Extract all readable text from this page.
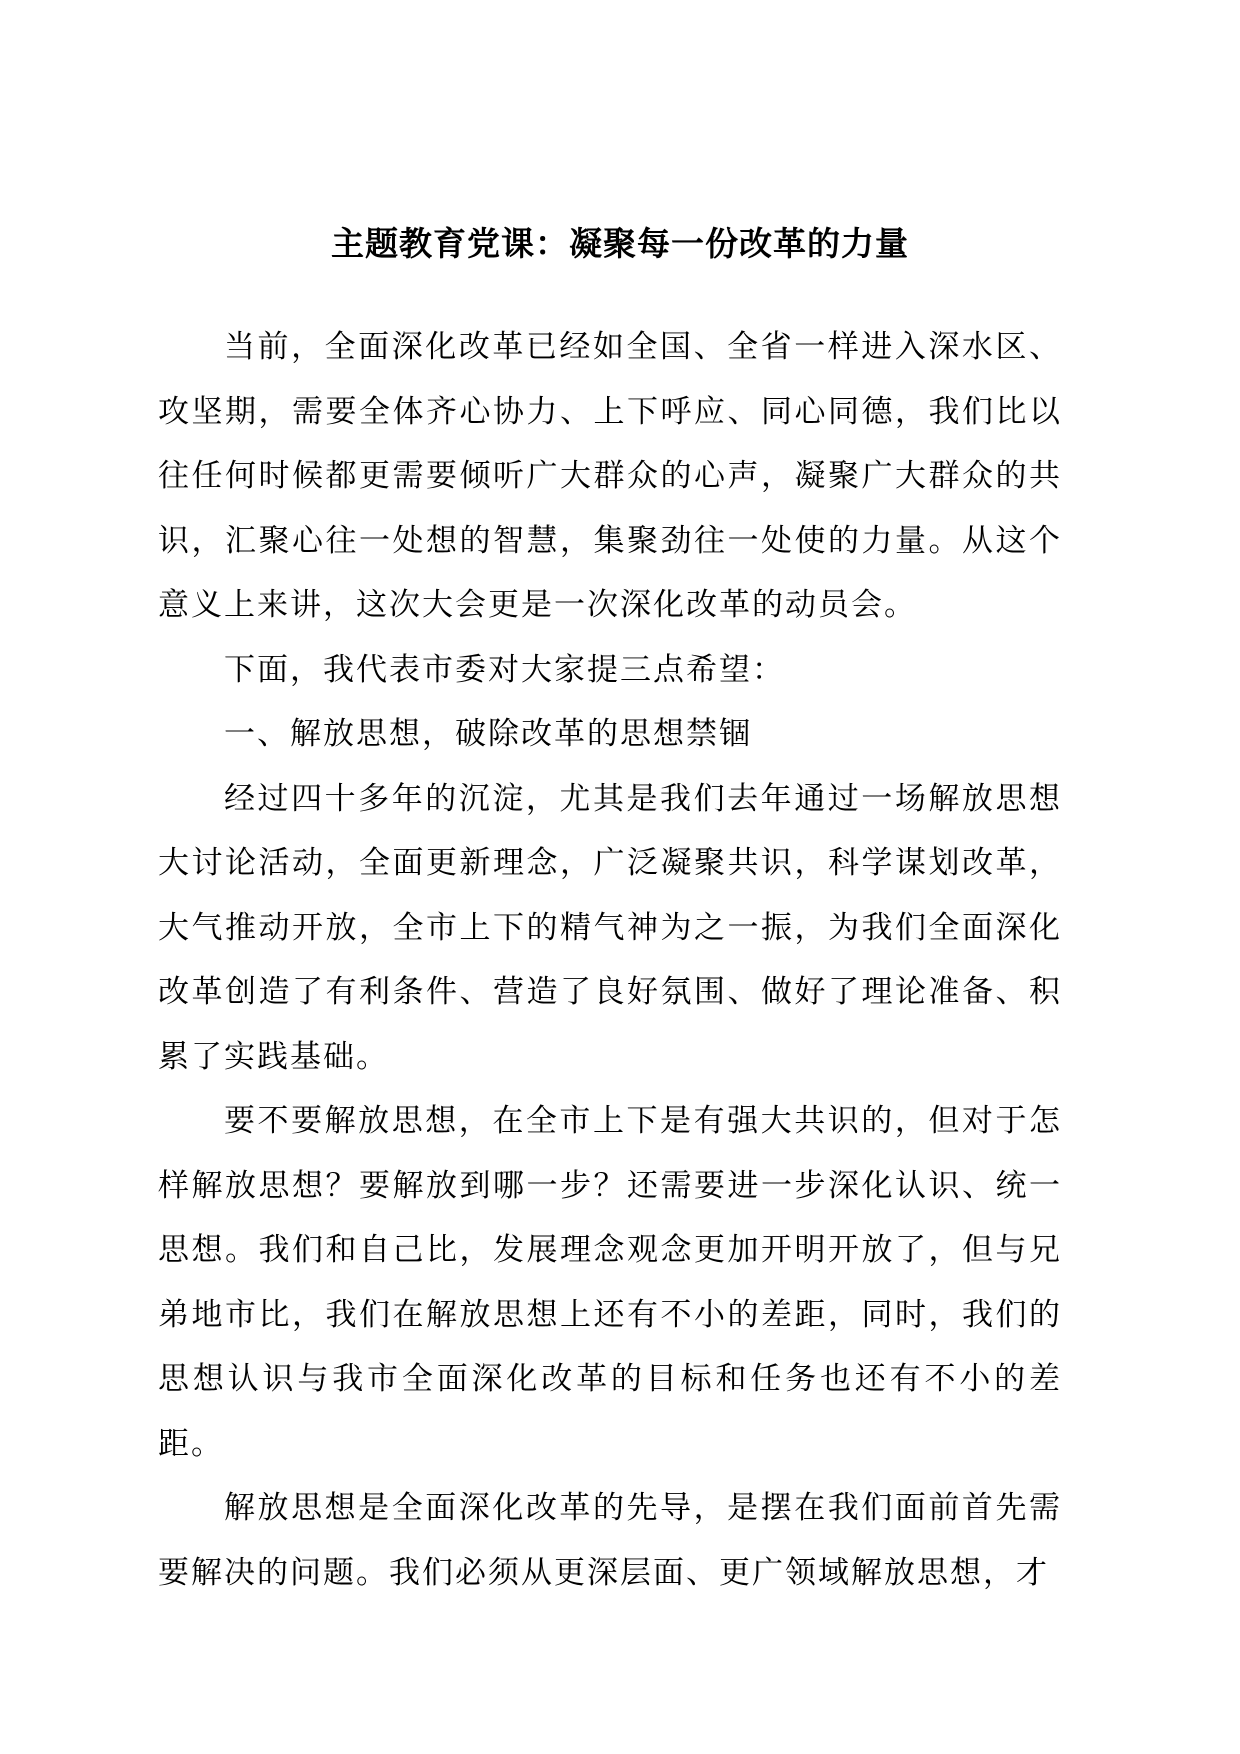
主题教育党课：凝聚每一份改革的力量

当前，全面深化改革已经如全国、全省一样进入深水区、攻坚期，需要全体齐心协力、上下呼应、同心同德，我们比以往任何时候都更需要倾听广大群众的心声，凝聚广大群众的共识，汇聚心往一处想的智慧，集聚劲往一处使的力量。从这个意义上来讲，这次大会更是一次深化改革的动员会。

下面，我代表市委对大家提三点希望：

一、解放思想，破除改革的思想禁锢

经过四十多年的沉淀，尤其是我们去年通过一场解放思想大讨论活动，全面更新理念，广泛凝聚共识，科学谋划改革，大气推动开放，全市上下的精气神为之一振，为我们全面深化改革创造了有利条件、营造了良好氛围、做好了理论准备、积累了实践基础。

要不要解放思想，在全市上下是有强大共识的，但对于怎样解放思想？要解放到哪一步？还需要进一步深化认识、统一思想。我们和自己比，发展理念观念更加开明开放了，但与兄弟地市比，我们在解放思想上还有不小的差距，同时，我们的思想认识与我市全面深化改革的目标和任务也还有不小的差距。

解放思想是全面深化改革的先导，是摆在我们面前首先需要解决的问题。我们必须从更深层面、更广领域解放思想，才
